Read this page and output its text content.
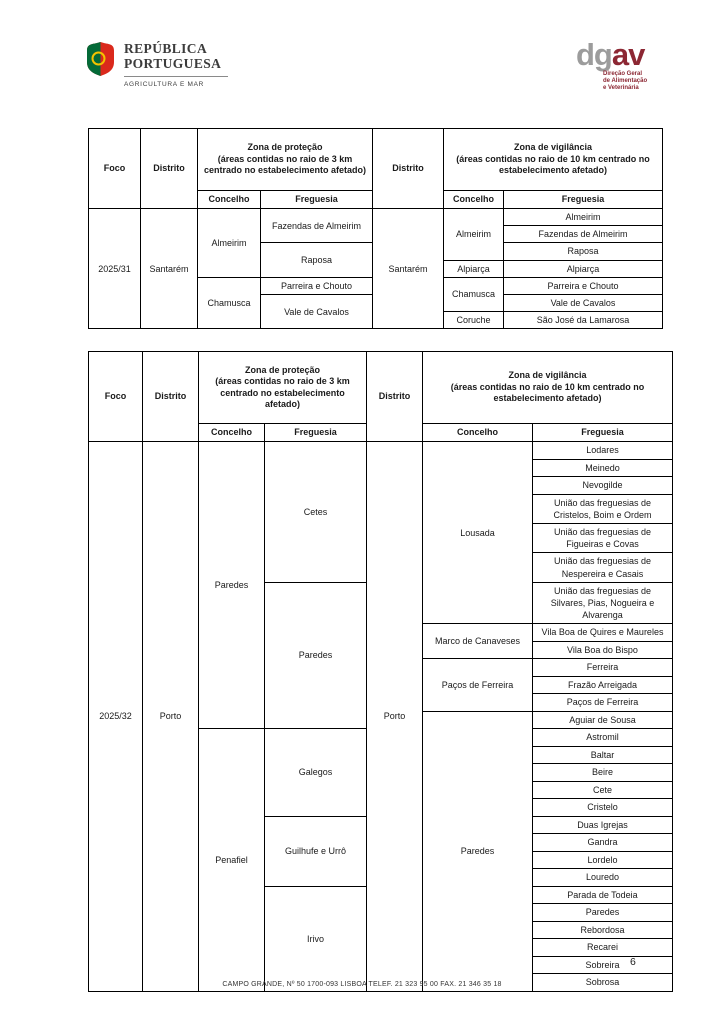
REPÚBLICA
PORTUGUESA
AGRICULTURA E MAR
dgav
Direção Geral
de Alimentação
e Veterinária
Foco	Distrito	
Zona de proteção
(áreas contidas no raio de 3 km centrado no estabelecimento afetado)	Distrito	
Zona de vigilância
(áreas contidas no raio de 10 km centrado no estabelecimento afetado)

		Concelho	Freguesia		Concelho	Freguesia
2025/31	Santarém	Almeirim	Fazendas de Almeirim	Santarém	Almeirim	Almeirim
						Fazendas de Almeirim
			Raposa			Raposa
					Alpiarça	Alpiarça
		Chamusca	Parreira e Chouto		Chamusca	Parreira e Chouto
			Vale de Cavalos			Vale de Cavalos
					Coruche	São José da Lamarosa
Foco	Distrito	
Zona de proteção
(áreas contidas no raio de 3 km centrado no estabelecimento afetado)
	Distrito	
Zona de vigilância
(áreas contidas no raio de 10 km centrado no estabelecimento afetado)

		Concelho	Freguesia		Concelho	Freguesia
2025/32	Porto	Paredes	Cetes	Porto	Lousada	Lodares
						Meinedo
						Nevogilde
						União das freguesias de Cristelos, Boim e Ordem
						União das freguesias de Figueiras e Covas
						União das freguesias de Nespereira e Casais
			Paredes			União das freguesias de Silvares, Pias, Nogueira e Alvarenga
					Marco de Canaveses	Vila Boa de Quires e Maureles
						Vila Boa do Bispo
					Paços de Ferreira	Ferreira
						Frazão Arreigada
						Paços de Ferreira
					Paredes	Aguiar de Sousa
		Penafiel	Galegos			Astromil
						Baltar
						Beire
						Cete
						Cristelo
			Guilhufe e Urrô			Duas Igrejas
						Gandra
						Lordelo
						Louredo
			Irivo			Parada de Todeia
						Paredes
						Rebordosa
						Recarei
						Sobreira
						Sobrosa
6
CAMPO GRANDE, Nº 50 1700-093 LISBOA TELEF. 21 323 95 00 FAX. 21 346 35 18
